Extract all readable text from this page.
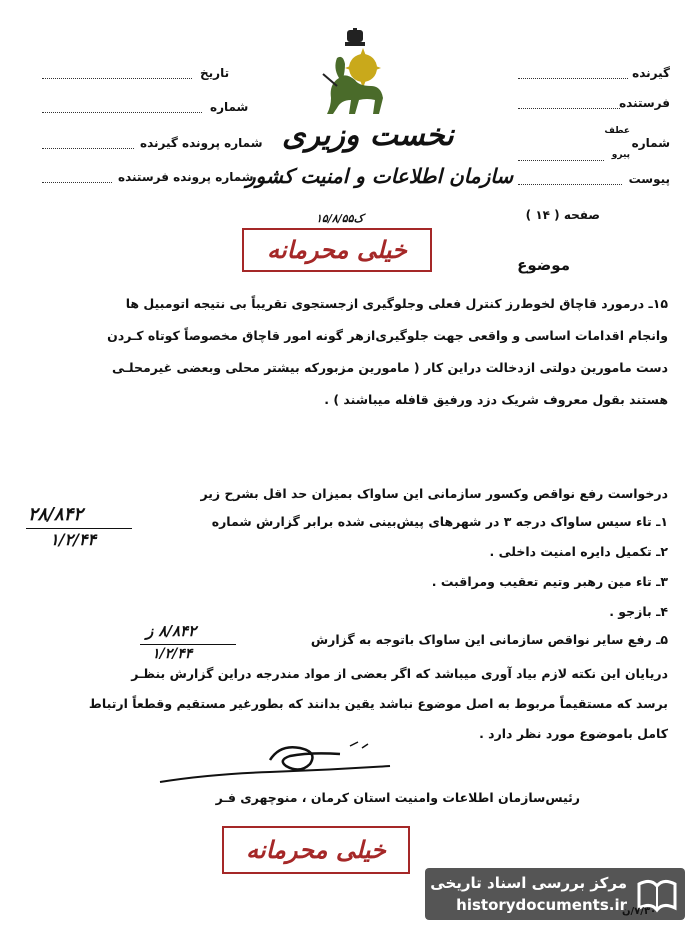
گیرنده
فرستنده
شماره
عطف
پیرو
پیوست
صفحه ( ۱۴ )
تاریخ
شماره
شماره پرونده گیرنده
شماره پرونده فرستنده
نخست وزیری
سازمان اطلاعات و امنیت کشور
ک۱۵/۸/۵۵
خیلی محرمانه
موضوع
۱۵ـ درمورد قاچاق لخوط‌رز کنترل فعلی وجلوگیری ازجستجوی تقریباً بی نتیجه اتومبیل ها
وانجام اقدامات اساسی و واقعی جهت جلوگیری‌ازهر گونه امور قاچاق مخصوصاً کوتاه کـردن
دست مامورین دولتی ازدخالت دراین کار ( مامورین مزبورکه بیشتر محلی وبعضی غیرمحلـی
هستند بقول معروف شریک دزد ورفیق قافله میباشند ) .
درخواست رفع نواقص وکسور سازمانی این ساواک بمیزان حد اقل بشرح زیر
۱ـ تاء سیس ساواک درجه ۳ در شهرهای پیش‌بینی شده برابر گزارش شماره
۲۸/۸۴۲
۱/۲/۴۴
۲ـ تکمیل دایره امنیت داخلی .
۳ـ تاء مین رهبر وتیم تعقیب ومراقبت .
۴ـ بازجو .
۵ـ رفع سایر نواقص سازمانی این ساواک باتوجه به گزارش
۸/۸۴۲ ز
۱/۲/۴۴
دریایان این نکته لازم بیاد آوری میباشد که اگر بعضی از مواد مندرجه دراین گزارش بنظـر
برسد که مستقیماً مربوط به اصل موضوع نباشد یقین بدانند که بطورغیر مستقیم وقطعاً ارتباط
کامل باموضوع مورد نظر دارد .
رئیس‌سازمان اطلاعات وامنیت استان کرمان ، منوچهری فـر
خیلی محرمانه
مرکز بررسی اسناد تاریخی
historydocuments.ir
۷/۳۰/ن
